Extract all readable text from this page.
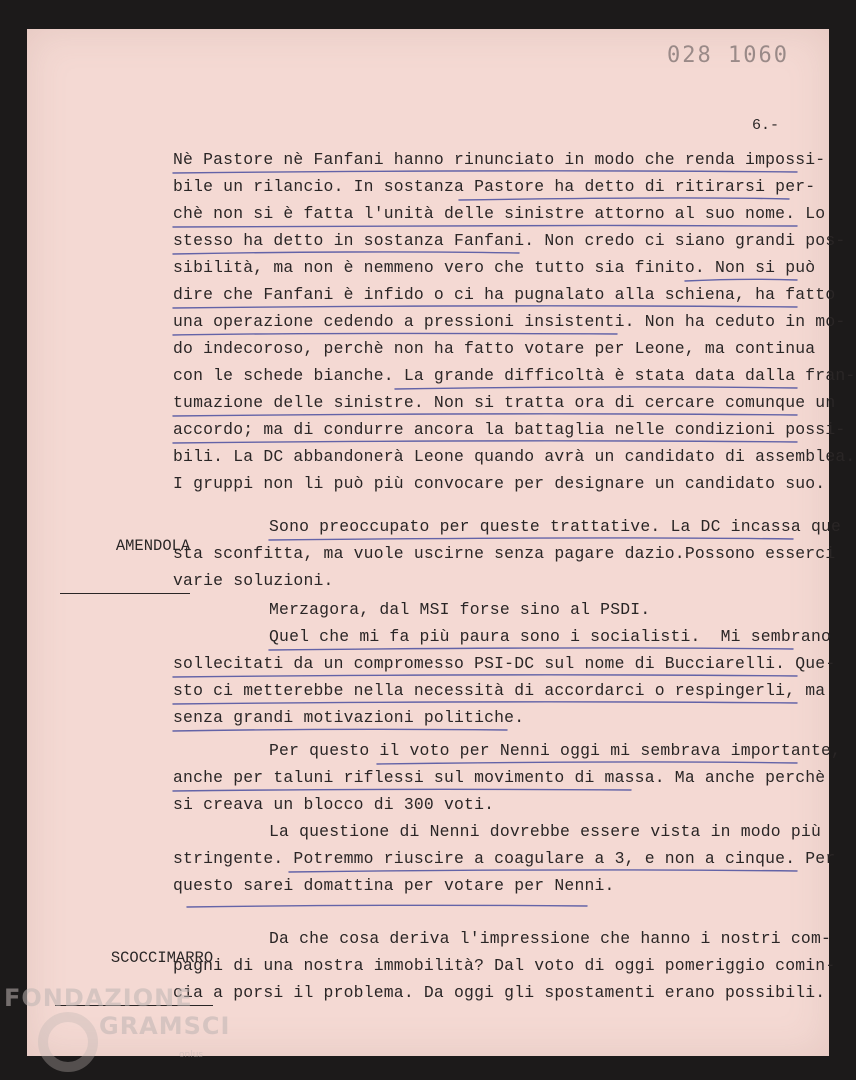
028 1060
6.-
Nè Pastore nè Fanfani hanno rinunciato in modo che renda impossi-
bile un rilancio. In sostanza Pastore ha detto di ritirarsi per-
chè non si è fatta l'unità delle sinistre attorno al suo nome. Lo
stesso ha detto in sostanza Fanfani. Non credo ci siano grandi pos-
sibilità, ma non è nemmeno vero che tutto sia finito. Non si può
dire che Fanfani è infido o ci ha pugnalato alla schiena, ha fatto
una operazione cedendo a pressioni insistenti. Non ha ceduto in mo-
do indecoroso, perchè non ha fatto votare per Leone, ma continua
con le schede bianche. La grande difficoltà è stata data dalla fran-
tumazione delle sinistre. Non si tratta ora di cercare comunque un
accordo; ma di condurre ancora la battaglia nelle condizioni possi-
bili. La DC abbandonerà Leone quando avrà un candidato di assemblea.
I gruppi non li può più convocare per designare un candidato suo.

AMENDOLA

Sono preoccupato per queste trattative. La DC incassa que
sta sconfitta, ma vuole uscirne senza pagare dazio.Possono esserci
varie soluzioni.
Merzagora, dal MSI forse sino al PSDI.
Quel che mi fa più paura sono i socialisti.  Mi sembrano
sollecitati da un compromesso PSI-DC sul nome di Bucciarelli. Que-
sto ci metterebbe nella necessità di accordarci o respingerli, ma
senza grandi motivazioni politiche.
Per questo il voto per Nenni oggi mi sembrava importante,
anche per taluni riflessi sul movimento di massa. Ma anche perchè
si creava un blocco di 300 voti.
La questione di Nenni dovrebbe essere vista in modo più
stringente. Potremmo riuscire a coagulare a 3, e non a cinque. Per
questo sarei domattina per votare per Nenni.

SCOCCIMARRO

Da che cosa deriva l'impressione che hanno i nostri com-
pagni di una nostra immobilità? Dal voto di oggi pomeriggio comin-
cia a porsi il problema. Da oggi gli spostamenti erano possibili.
FONDAZIONE
GRAMSCI
onlus
